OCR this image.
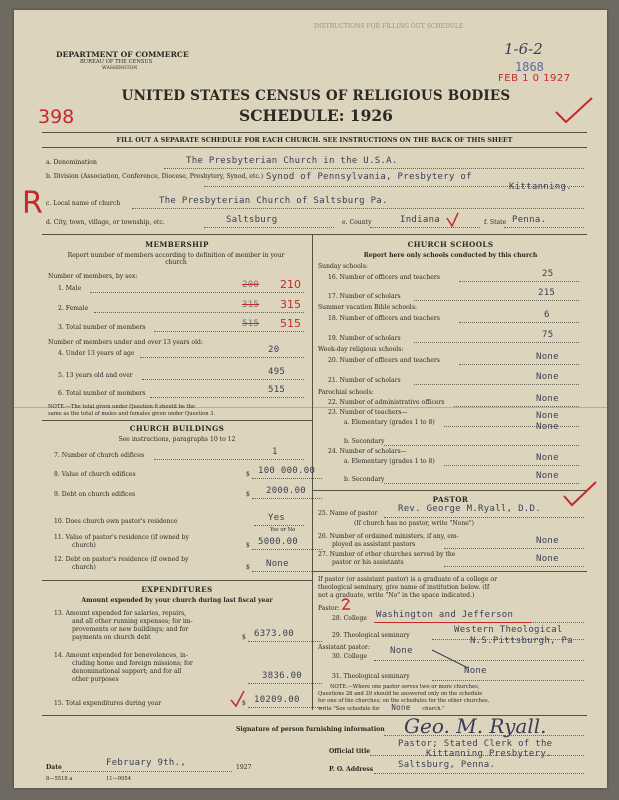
INSTRUCTIONS FOR FILLING OUT SCHEDULE
DEPARTMENT OF COMMERCE
BUREAU OF THE CENSUS
WASHINGTON
1-6-2
1868
FEB 1 0 1927
UNITED STATES CENSUS OF RELIGIOUS BODIES
SCHEDULE: 1926
398
FILL OUT A SEPARATE SCHEDULE FOR EACH CHURCH. SEE INSTRUCTIONS ON THE BACK OF THIS SHEET
R
a. Denomination	The Presbyterian Church in the U.S.A.
b. Division (Association, Conference, Diocese, Presbytery, Synod, etc.) Synod of Pennsylvania, Presbytery of
Kittanning.
c. Local name of church	The Presbyterian Church of Saltsburg Pa.
d. City, town, village, or township, etc.	Saltsburg	e. County	Indiana	f. State Penna.
MEMBERSHIP
Report number of members according to definition of member in your church
Number of members, by sex:
1. Male	200 210
2. Female	315 315
3. Total number of members	515 515
Number of members under and over 13 years old:
4. Under 13 years of age	20
5. 13 years old and over	495
6. Total number of members	515
NOTE.—The total given under Question 6 should be the
same as the total of males and females given under Question 3.
CHURCH BUILDINGS
See instructions, paragraphs 10 to 12
7. Number of church edifices	1
8. Value of church edifices	$ 100 000.00
9. Debt on church edifices	$ 2000.00
10. Does church own pastor's residence	Yes
Yes or No
11. Value of pastor's residence (if owned by
church)	$ 5000.00
12. Debt on pastor's residence (if owned by
church)	$ None
EXPENDITURES
Amount expended by your church during last fiscal year
13. Amount expended for salaries, repairs,
and all other running expenses; for im-
provements or new buildings; and for
payments on church debt	$ 6373.00
14. Amount expended for benevolences, in-
cluding home and foreign missions; for
denominational support; and for all
other purposes	3836.00
15. Total expenditures during year	$ 10209.00
CHURCH SCHOOLS
Report here only schools conducted by this church
Sunday schools:
16. Number of officers and teachers	25
17. Number of scholars	215
Summer vacation Bible schools:
18. Number of officers and teachers	6
19. Number of scholars	75
Week-day religious schools:
20. Number of officers and teachers	None
21. Number of scholars	None
Parochial schools:
22. Number of administrative officers	None
23. Number of teachers—
a. Elementary (grades 1 to 8)
None
b. Secondary
None
24. Number of scholars—
a. Elementary (grades 1 to 8)	None
b. Secondary	None
PASTOR
25. Name of pastor Rev. George M.Ryall, D.D.
(If church has no pastor, write "None")
26. Number of ordained ministers, if any, em-
ployed as assistant pastors	None
27. Number of other churches served by the
pastor or his assistants	None
If pastor (or assistant pastor) is a graduate of a college or
theological seminary, give name of institution below. (If
not a graduate, write "No" in the space indicated.)
Pastor:
28. College Washington and Jefferson
29. Theological seminary
Western Theological
N.S.Pittsburgh, Pa
Assistant pastor:
30. College
None
31. Theological seminary
None
NOTE.—Where one pastor serves two or more churches,
Questions 28 and 29 should be answered only on the schedule
for one of the churches; on the schedules for the other churches,
write "See schedule for None church."
Signature of person furnishing information Geo. M. Ryall.
Official title
Pastor; Stated Clerk of the
Kittanning Presbytery.
Date	February 9th.,	1927	P. O. Address	Saltsburg, Penna.
8—5518 a	11—9054
